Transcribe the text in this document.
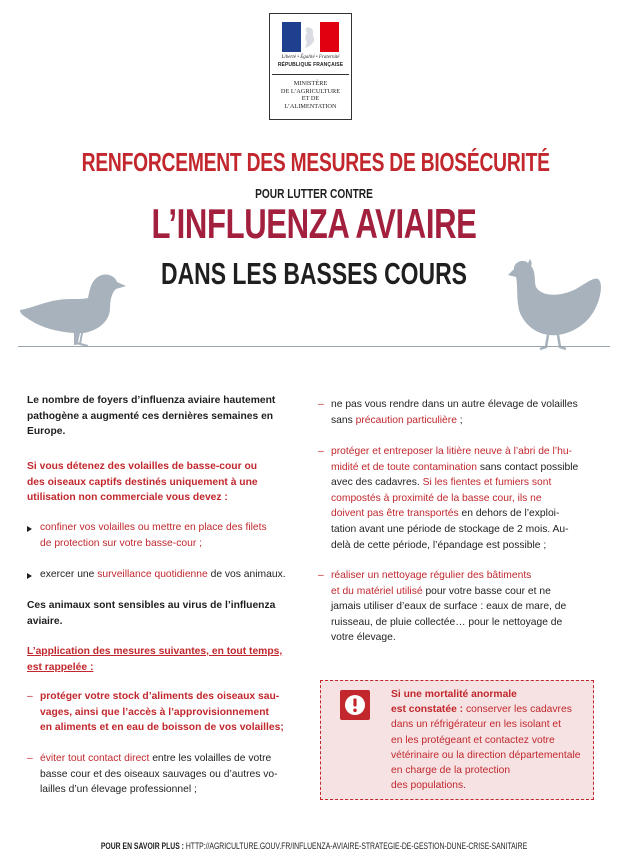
Liberté • Égalité • Fraternité
RÉPUBLIQUE FRANÇAISE
MINISTÈRE
DE L’AGRICULTURE
ET DE
L’ALIMENTATION
RENFORCEMENT DES MESURES DE BIOSÉCURITÉ
POUR LUTTER CONTRE
L’INFLUENZA AVIAIRE
DANS LES BASSES COURS
Le nombre de foyers d’influenza aviaire hautement
pathogène a augmenté ces dernières semaines en
Europe.
Si vous détenez des volailles de basse-cour ou
des oiseaux captifs destinés uniquement à une
utilisation non commerciale vous devez :
confiner vos volailles ou mettre en place des filets
de protection sur votre basse-cour ;
exercer une surveillance quotidienne de vos animaux.
Ces animaux sont sensibles au virus de l’influenza
aviaire.
L’application des mesures suivantes, en tout temps,
est rappelée :
– protéger votre stock d’aliments des oiseaux sau-
vages, ainsi que l’accès à l’approvisionnement
en aliments et en eau de boisson de vos volailles;
– éviter tout contact direct entre les volailles de votre
basse cour et des oiseaux sauvages ou d’autres vo-
lailles d’un élevage professionnel ;
– ne pas vous rendre dans un autre élevage de volailles
sans précaution particulière ;
– protéger et entreposer la litière neuve à l’abri de l’hu-
midité et de toute contamination sans contact possible
avec des cadavres. Si les fientes et fumiers sont
compostés à proximité de la basse cour, ils ne
doivent pas être transportés en dehors de l’exploi-
tation avant une période de stockage de 2 mois. Au-
delà de cette période, l’épandage est possible ;
– réaliser un nettoyage régulier des bâtiments
et du matériel utilisé pour votre basse cour et ne
jamais utiliser d’eaux de surface : eaux de mare, de
ruisseau, de pluie collectée… pour le nettoyage de
votre élevage.
Si une mortalité anormale
est constatée : conserver les cadavres
dans un réfrigérateur en les isolant et
en les protégeant et contactez votre
vétérinaire ou la direction départementale
en charge de la protection
des populations.
POUR EN SAVOIR PLUS : HTTP://AGRICULTURE.GOUV.FR/INFLUENZA-AVIAIRE-STRATEGIE-DE-GESTION-DUNE-CRISE-SANITAIRE
